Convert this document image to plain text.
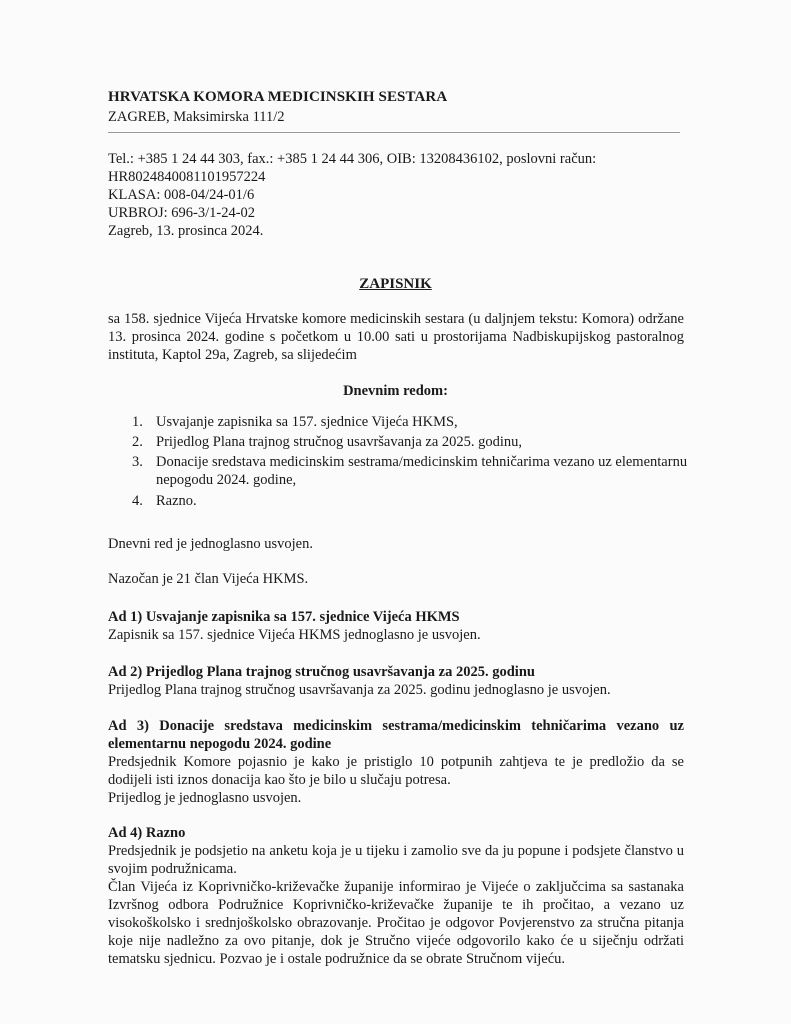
HRVATSKA KOMORA MEDICINSKIH SESTARA
ZAGREB, Maksimirska 111/2
Tel.: +385 1 24 44 303, fax.: +385 1 24 44 306, OIB: 13208436102, poslovni račun:
HR8024840081101957224
KLASA: 008-04/24-01/6
URBROJ: 696-3/1-24-02
Zagreb, 13. prosinca 2024.
ZAPISNIK
sa 158. sjednice Vijeća Hrvatske komore medicinskih sestara (u daljnjem tekstu: Komora) održane 13. prosinca 2024. godine s početkom u 10.00 sati u prostorijama Nadbiskupijskog pastoralnog instituta, Kaptol 29a, Zagreb, sa slijedećim
Dnevnim redom:
1. Usvajanje zapisnika sa 157. sjednice Vijeća HKMS,
2. Prijedlog Plana trajnog stručnog usavršavanja za 2025. godinu,
3. Donacije sredstava medicinskim sestrama/medicinskim tehničarima vezano uz elementarnu nepogodu 2024. godine,
4. Razno.
Dnevni red je jednoglasno usvojen.
Nazočan je 21 član Vijeća HKMS.
Ad 1) Usvajanje zapisnika sa 157. sjednice Vijeća HKMS
Zapisnik sa 157. sjednice Vijeća HKMS jednoglasno je usvojen.
Ad 2) Prijedlog Plana trajnog stručnog usavršavanja za 2025. godinu
Prijedlog Plana trajnog stručnog usavršavanja za 2025. godinu jednoglasno je usvojen.
Ad 3) Donacije sredstava medicinskim sestrama/medicinskim tehničarima vezano uz elementarnu nepogodu 2024. godine
Predsjednik Komore pojasnio je kako je pristiglo 10 potpunih zahtjeva te je predložio da se dodijeli isti iznos donacija kao što je bilo u slučaju potresa.
Prijedlog je jednoglasno usvojen.
Ad 4) Razno
Predsjednik je podsjetio na anketu koja je u tijeku i zamolio sve da ju popune i podsjete članstvo u svojim podružnicama.
Član Vijeća iz Koprivničko-križevačke županije informirao je Vijeće o zaključcima sa sastanaka Izvršnog odbora Podružnice Koprivničko-križevačke županije te ih pročitao, a vezano uz visokoškolsko i srednjoškolsko obrazovanje. Pročitao je odgovor Povjerenstvo za stručna pitanja koje nije nadležno za ovo pitanje, dok je Stručno vijeće odgovorilo kako će u siječnju održati tematsku sjednicu. Pozvao je i ostale podružnice da se obrate Stručnom vijeću.
